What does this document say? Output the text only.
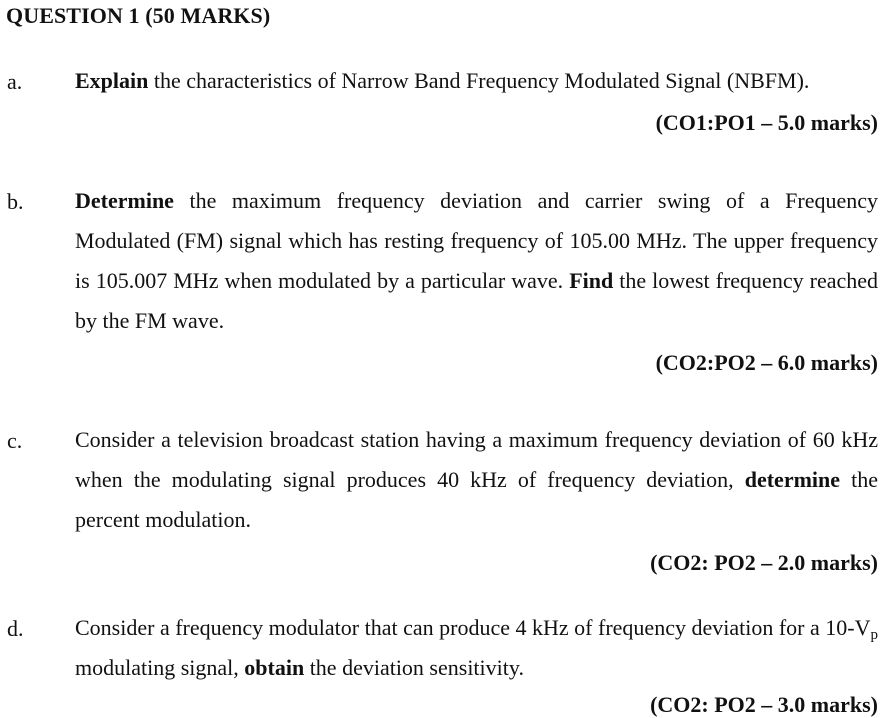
QUESTION 1 (50 MARKS)
a. Explain the characteristics of Narrow Band Frequency Modulated Signal (NBFM).
(CO1:PO1 – 5.0 marks)
b. Determine the maximum frequency deviation and carrier swing of a Frequency Modulated (FM) signal which has resting frequency of 105.00 MHz. The upper frequency is 105.007 MHz when modulated by a particular wave. Find the lowest frequency reached by the FM wave.
(CO2:PO2 – 6.0 marks)
c. Consider a television broadcast station having a maximum frequency deviation of 60 kHz when the modulating signal produces 40 kHz of frequency deviation, determine the percent modulation.
(CO2: PO2 – 2.0 marks)
d. Consider a frequency modulator that can produce 4 kHz of frequency deviation for a $10-V_p$ modulating signal, obtain the deviation sensitivity.
(CO2: PO2 – 3.0 marks)
